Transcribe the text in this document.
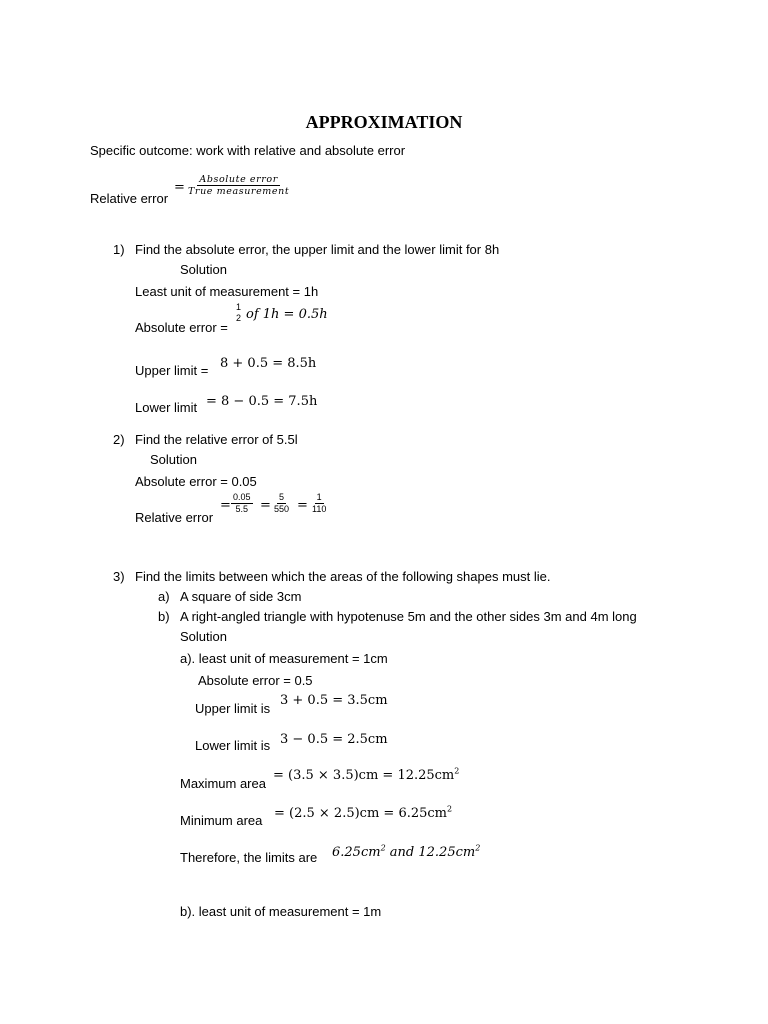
APPROXIMATION
Specific outcome: work with relative and absolute error
Relative error
=
Absolute error
True measurement
1) Find the absolute error, the upper limit and the lower limit for 8h
Solution
Least unit of measurement = 1h
Absolute error =
1
2 of 1h = 0.5h
Upper limit = 8 + 0.5 = 8.5h
Lower limit = 8 − 0.5 = 7.5h
2) Find the relative error of 5.5l
Solution
Absolute error = 0.05
Relative error
= $\frac{0.05}{5.5} = \frac{5}{550} = \frac{1}{110}$
3) Find the limits between which the areas of the following shapes must lie.
a) A square of side 3cm
b) A right-angled triangle with hypotenuse 5m and the other sides 3m and 4m long
Solution
a). least unit of measurement = 1cm
Absolute error = 0.5
Upper limit is
3 + 0.5 = 3.5cm
Lower limit is 3 − 0.5 = 2.5cm
Maximum area
= $(3.5 \times 3.5)cm = 12.25cm^2$
Minimum area = $(2.5 \times 2.5)cm = 6.25cm^2$
Therefore, the limits are $6.25cm^2$ and $12.25cm^2$
b). least unit of measurement = 1m
